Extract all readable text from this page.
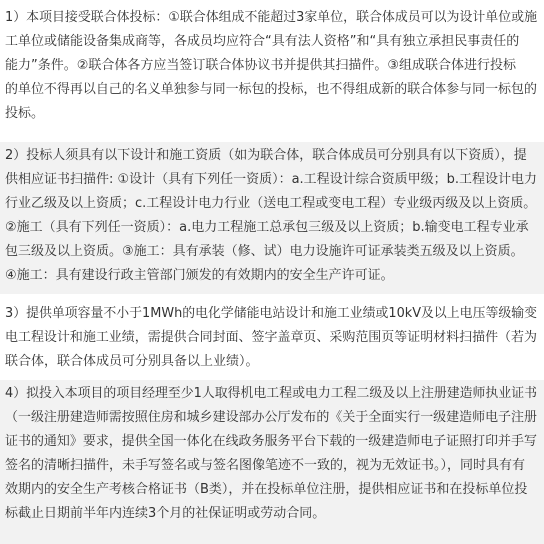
1）本项目接受联合体投标：①联合体组成不能超过3家单位，联合体成员可以为设计单位或施
工单位或储能设备集成商等，各成员均应符合“具有法人资格”和“具有独立承担民事责任的
能力”条件。②联合体各方应当签订联合体协议书并提供其扫描件。③组成联合体进行投标
的单位不得再以自己的名义单独参与同一标包的投标，也不得组成新的联合体参与同一标包的
投标。
2）投标人须具有以下设计和施工资质（如为联合体，联合体成员可分别具有以下资质），提
供相应证书扫描件: ①设计（具有下列任一资质）：a.工程设计综合资质甲级；b.工程设计电力
行业乙级及以上资质；c.工程设计电力行业（送电工程或变电工程）专业级丙级及以上资质。
②施工（具有下列任一资质）：a.电力工程施工总承包三级及以上资质；b.输变电工程专业承
包三级及以上资质。③施工：具有承装（修、试）电力设施许可证承装类五级及以上资质。
④施工：具有建设行政主管部门颁发的有效期内的安全生产许可证。
3）提供单项容量不小于1MWh的电化学储能电站设计和施工业绩或10kV及以上电压等级输变
电工程设计和施工业绩，需提供合同封面、签字盖章页、采购范围页等证明材料扫描件（若为
联合体，联合体成员可分别具备以上业绩）。
4）拟投入本项目的项目经理至少1人取得机电工程或电力工程二级及以上注册建造师执业证书
（一级注册建造师需按照住房和城乡建设部办公厅发布的《关于全面实行一级建造师电子注册
证书的通知》要求，提供全国一体化在线政务服务平台下载的一级建造师电子证照打印并手写
签名的清晰扫描件，未手写签名或与签名图像笔迹不一致的，视为无效证书。），同时具有有
效期内的安全生产考核合格证书（B类），并在投标单位注册，提供相应证书和在投标单位投
标截止日期前半年内连续3个月的社保证明或劳动合同。
